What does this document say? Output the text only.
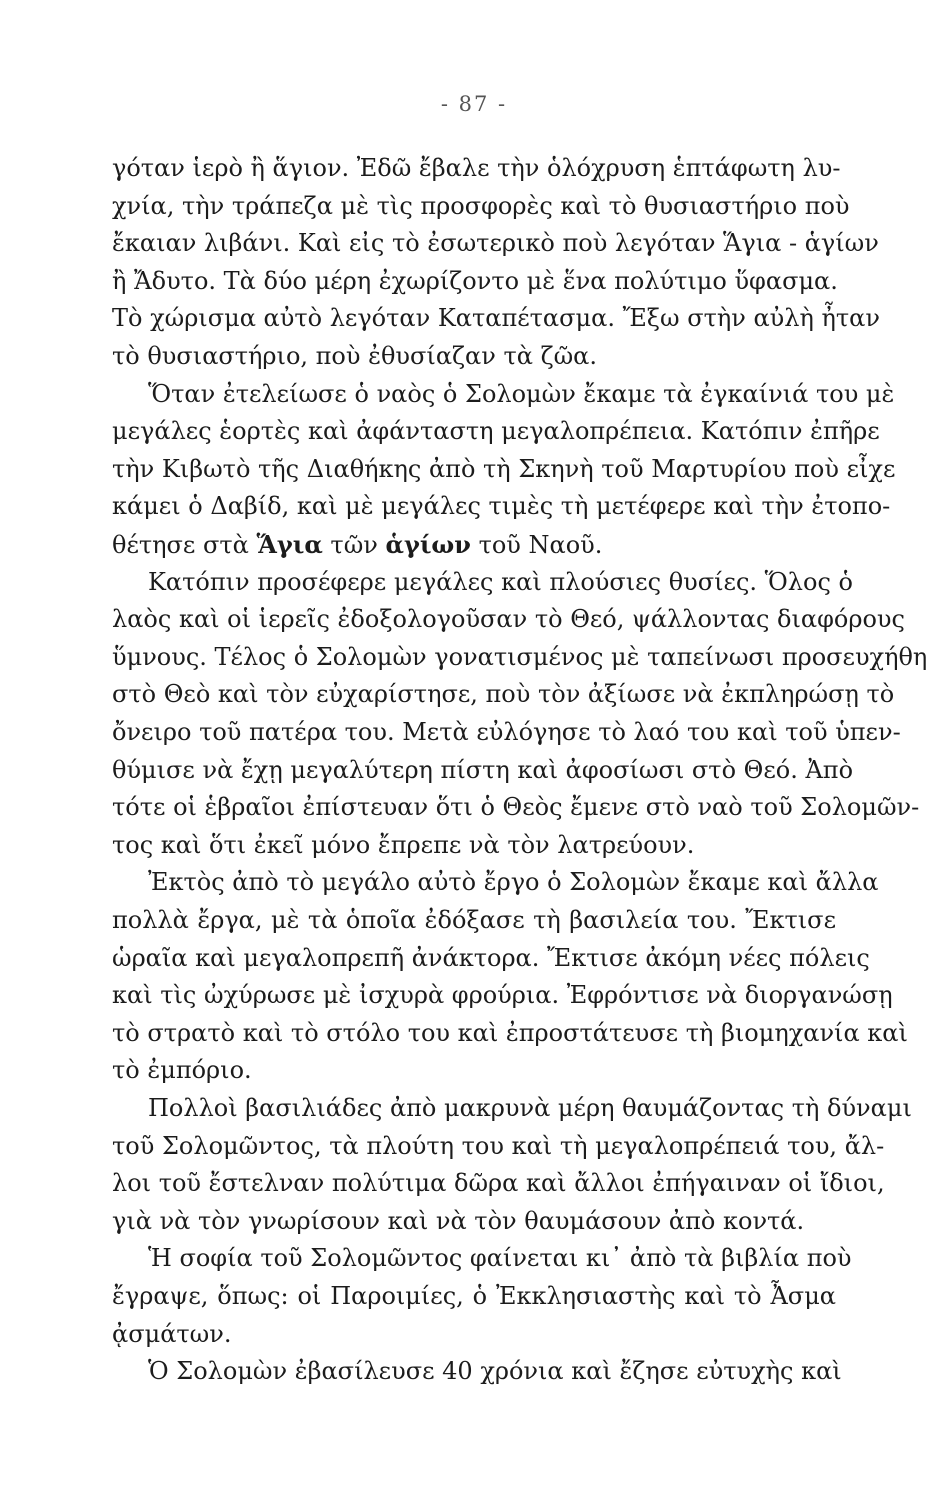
- 87 -
γόταν ἱερὸ ἢ ἅγιον. Ἐδῶ ἔβαλε τὴν ὁλόχρυση ἑπτάφωτη λυ-
χνία, τὴν τράπεζα μὲ τὶς προσφορὲς καὶ τὸ θυσιαστήριο ποὺ
ἔκαιαν λιβάνι. Καὶ εἰς τὸ ἐσωτερικὸ ποὺ λεγόταν Ἅγια - ἁγίων
ἢ Ἄδυτο. Τὰ δύο μέρη ἐχωρίζοντο μὲ ἕνα πολύτιμο ὕφασμα.
Τὸ χώρισμα αὐτὸ λεγόταν Καταπέτασμα. Ἔξω στὴν αὐλὴ ἦταν
τὸ θυσιαστήριο, ποὺ ἐθυσίαζαν τὰ ζῶα.
Ὅταν ἐτελείωσε ὁ ναὸς ὁ Σολομὼν ἔκαμε τὰ ἐγκαίνιά του μὲ
μεγάλες ἑορτὲς καὶ ἀφάνταστη μεγαλοπρέπεια. Κατόπιν ἐπῆρε
τὴν Κιβωτὸ τῆς Διαθήκης ἀπὸ τὴ Σκηνὴ τοῦ Μαρτυρίου ποὺ εἶχε
κάμει ὁ Δαβίδ, καὶ μὲ μεγάλες τιμὲς τὴ μετέφερε καὶ τὴν ἐτοπο-
θέτησε στὰ Ἅγια τῶν ἁγίων τοῦ Ναοῦ.
Κατόπιν προσέφερε μεγάλες καὶ πλούσιες θυσίες. Ὅλος ὁ
λαὸς καὶ οἱ ἱερεῖς ἐδοξολογοῦσαν τὸ Θεό, ψάλλοντας διαφόρους
ὕμνους. Τέλος ὁ Σολομὼν γονατισμένος μὲ ταπείνωσι προσευχήθη
στὸ Θεὸ καὶ τὸν εὐχαρίστησε, ποὺ τὸν ἀξίωσε νὰ ἐκπληρώσῃ τὸ
ὄνειρο τοῦ πατέρα του. Μετὰ εὐλόγησε τὸ λαό του καὶ τοῦ ὑπεν-
θύμισε νὰ ἔχῃ μεγαλύτερη πίστη καὶ ἀφοσίωσι στὸ Θεό. Ἀπὸ
τότε οἱ ἑβραῖοι ἐπίστευαν ὅτι ὁ Θεὸς ἔμενε στὸ ναὸ τοῦ Σολομῶν-
τος καὶ ὅτι ἐκεῖ μόνο ἔπρεπε νὰ τὸν λατρεύουν.
Ἐκτὸς ἀπὸ τὸ μεγάλο αὐτὸ ἔργο ὁ Σολομὼν ἔκαμε καὶ ἄλλα
πολλὰ ἔργα, μὲ τὰ ὁποῖα ἐδόξασε τὴ βασιλεία του. Ἔκτισε
ὡραῖα καὶ μεγαλοπρεπῆ ἀνάκτορα. Ἔκτισε ἀκόμη νέες πόλεις
καὶ τὶς ὠχύρωσε μὲ ἰσχυρὰ φρούρια. Ἐφρόντισε νὰ διοργανώσῃ
τὸ στρατὸ καὶ τὸ στόλο του καὶ ἐπροστάτευσε τὴ βιομηχανία καὶ
τὸ ἐμπόριο.
Πολλοὶ βασιλιάδες ἀπὸ μακρυνὰ μέρη θαυμάζοντας τὴ δύναμι
τοῦ Σολομῶντος, τὰ πλούτη του καὶ τὴ μεγαλοπρέπειά του, ἄλ-
λοι τοῦ ἔστελναν πολύτιμα δῶρα καὶ ἄλλοι ἐπήγαιναν οἱ ἴδιοι,
γιὰ νὰ τὸν γνωρίσουν καὶ νὰ τὸν θαυμάσουν ἀπὸ κοντά.
Ἡ σοφία τοῦ Σολομῶντος φαίνεται κι᾿ ἀπὸ τὰ βιβλία ποὺ
ἔγραψε, ὅπως: οἱ Παροιμίες, ὁ Ἐκκλησιαστὴς καὶ τὸ Ἆσμα
ᾀσμάτων.
Ὁ Σολομὼν ἐβασίλευσε 40 χρόνια καὶ ἔζησε εὐτυχὴς καὶ
